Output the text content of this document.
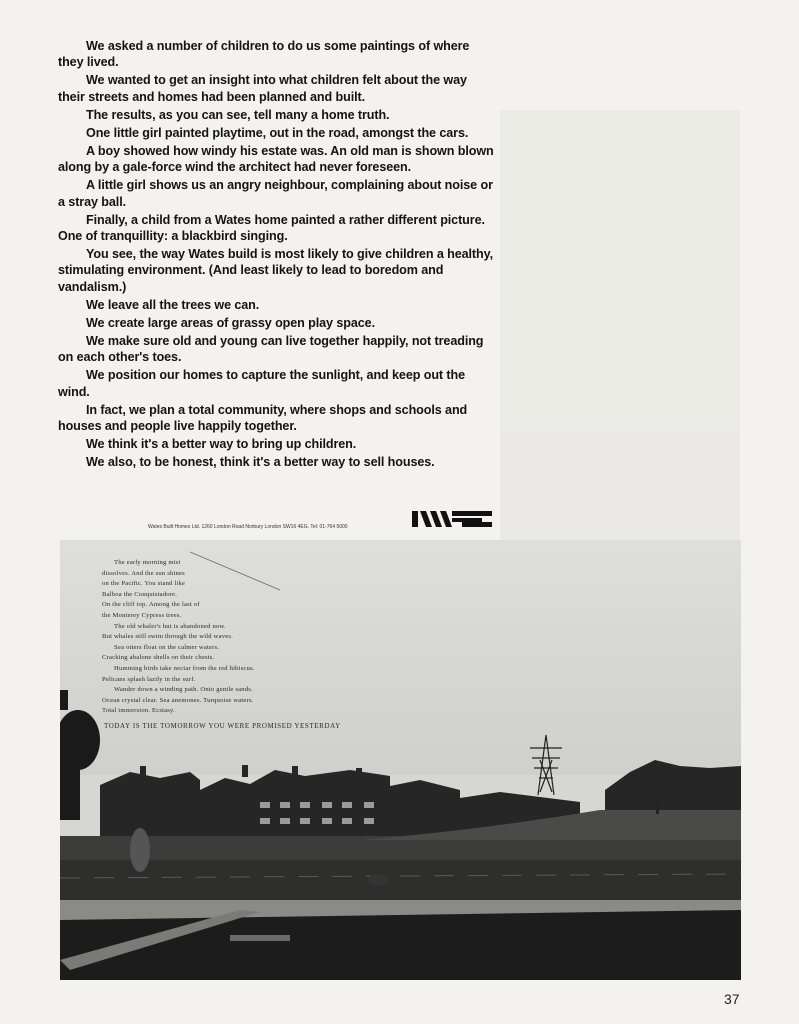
We asked a number of children to do us some paintings of where they lived.

We wanted to get an insight into what children felt about the way their streets and homes had been planned and built.

The results, as you can see, tell many a home truth.

One little girl painted playtime, out in the road, amongst the cars.

A boy showed how windy his estate was. An old man is shown blown along by a gale-force wind the architect had never foreseen.

A little girl shows us an angry neighbour, complaining about noise or a stray ball.

Finally, a child from a Wates home painted a rather different picture. One of tranquillity: a blackbird singing.

You see, the way Wates build is most likely to give children a healthy, stimulating environment. (And least likely to lead to boredom and vandalism.)

We leave all the trees we can.

We create large areas of grassy open play space.

We make sure old and young can live together happily, not treading on each other's toes.

We position our homes to capture the sunlight, and keep out the wind.

In fact, we plan a total community, where shops and schools and houses and people live happily together.

We think it's a better way to bring up children.

We also, to be honest, think it's a better way to sell houses.

Wates Built Homes Ltd. 1260 London Road Norbury London SW16 4EG. Tel: 01-764 5000
The early morning mist
dissolves. And the sun shines
on the Pacific. You stand like
Balboa the Conquistadore.
On the cliff top. Among the last of
the Monterey Cypress trees.
The old whaler's hut is abandoned now.
But whales still swim through the wild waves.
Sea otters float on the calmer waters.
Cracking abalone shells on their chests.
Humming birds take nectar from the red hibiscus.
Pelicans splash lazily in the surf.
Wander down a winding path. Onto gentle sands.
Ocean crystal clear. Sea anemones. Turquoise waters.
Total immersion. Ecstasy.
TODAY IS THE TOMORROW YOU WERE PROMISED YESTERDAY
37
